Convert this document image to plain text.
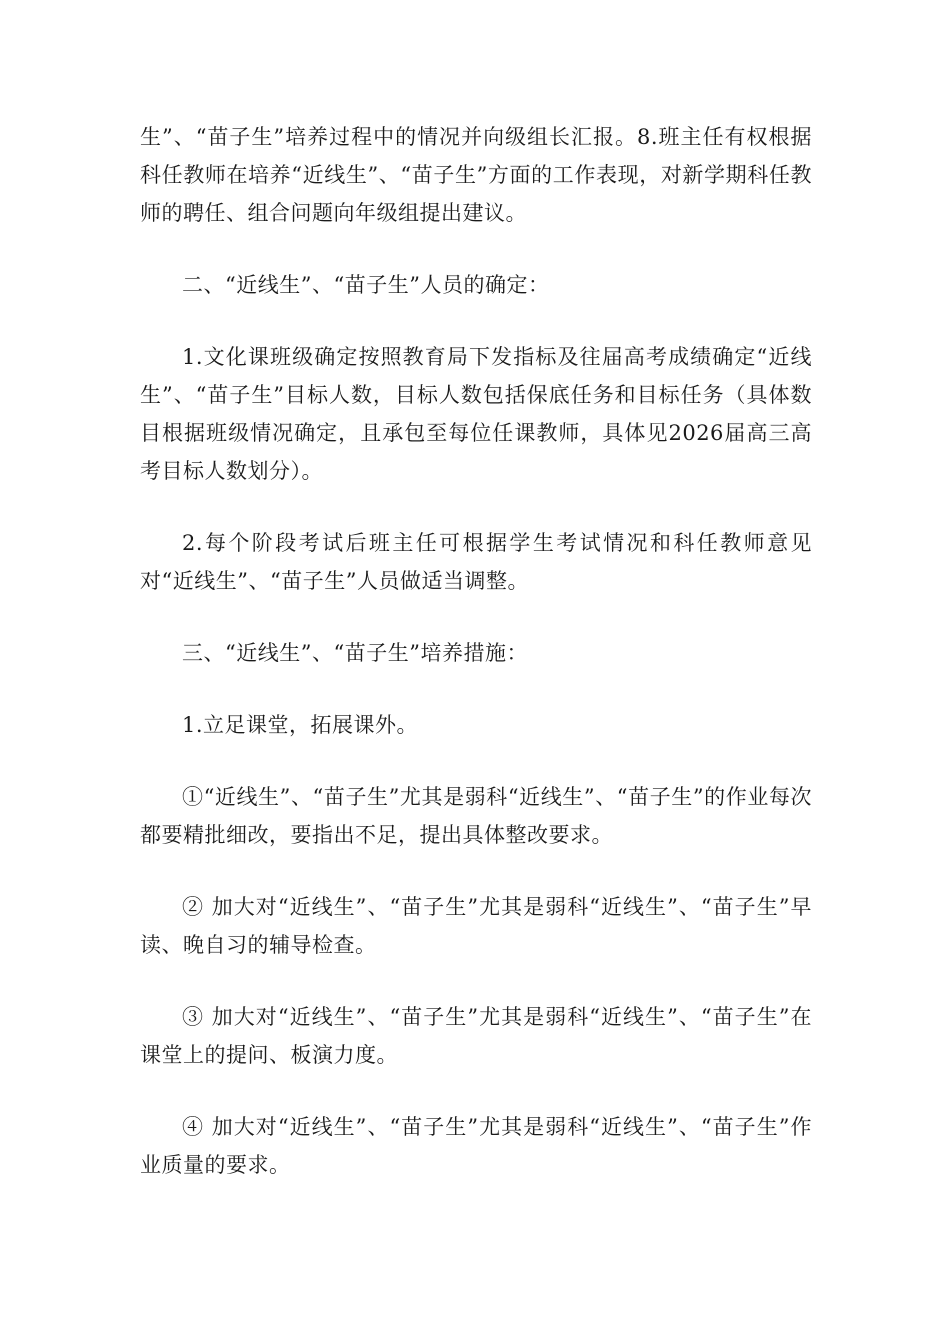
生”、“苗子生”培养过程中的情况并向级组长汇报。8.班主任有权根据科任教师在培养“近线生”、“苗子生”方面的工作表现，对新学期科任教师的聘任、组合问题向年级组提出建议。

二、“近线生”、“苗子生”人员的确定：

1.文化课班级确定按照教育局下发指标及往届高考成绩确定“近线生”、“苗子生”目标人数，目标人数包括保底任务和目标任务（具体数目根据班级情况确定，且承包至每位任课教师，具体见2026届高三高考目标人数划分）。

2.每个阶段考试后班主任可根据学生考试情况和科任教师意见对“近线生”、“苗子生”人员做适当调整。

三、“近线生”、“苗子生”培养措施：

1.立足课堂，拓展课外。

①“近线生”、“苗子生”尤其是弱科“近线生”、“苗子生”的作业每次都要精批细改，要指出不足，提出具体整改要求。

② 加大对“近线生”、“苗子生”尤其是弱科“近线生”、“苗子生”早读、晚自习的辅导检查。

③ 加大对“近线生”、“苗子生”尤其是弱科“近线生”、“苗子生”在课堂上的提问、板演力度。

④ 加大对“近线生”、“苗子生”尤其是弱科“近线生”、“苗子生”作业质量的要求。
